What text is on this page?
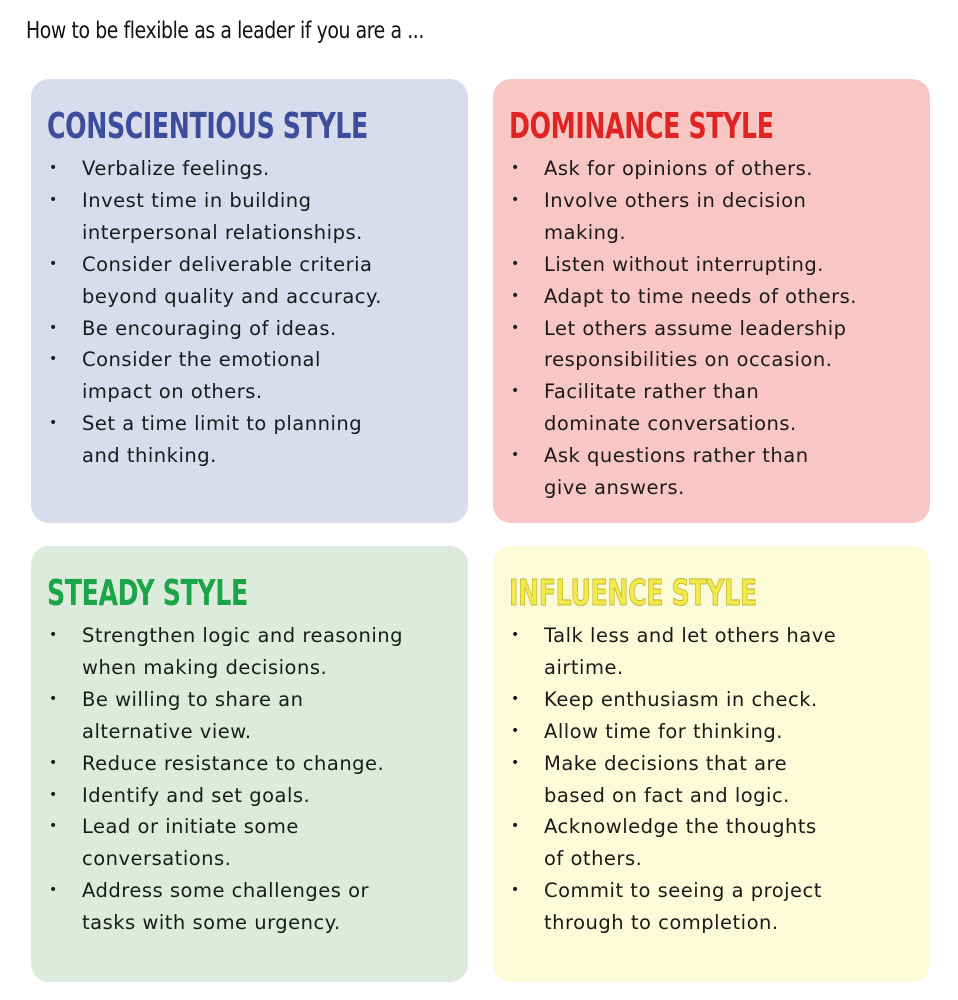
How to be flexible as a leader if you are a ...
CONSCIENTIOUS STYLE
• Verbalize feelings.
• Invest time in building
interpersonal relationships.
• Consider deliverable criteria
beyond quality and accuracy.
• Be encouraging of ideas.
• Consider the emotional
impact on others.
• Set a time limit to planning
and thinking.
DOMINANCE STYLE
• Ask for opinions of others.
• Involve others in decision
making.
• Listen without interrupting.
• Adapt to time needs of others.
• Let others assume leadership
responsibilities on occasion.
• Facilitate rather than
dominate conversations.
• Ask questions rather than
give answers.
STEADY STYLE
• Strengthen logic and reasoning
when making decisions.
• Be willing to share an
alternative view.
• Reduce resistance to change.
• Identify and set goals.
• Lead or initiate some
conversations.
• Address some challenges or
tasks with some urgency.
INFLUENCE STYLE
• Talk less and let others have
airtime.
• Keep enthusiasm in check.
• Allow time for thinking.
• Make decisions that are
based on fact and logic.
• Acknowledge the thoughts
of others.
• Commit to seeing a project
through to completion.
